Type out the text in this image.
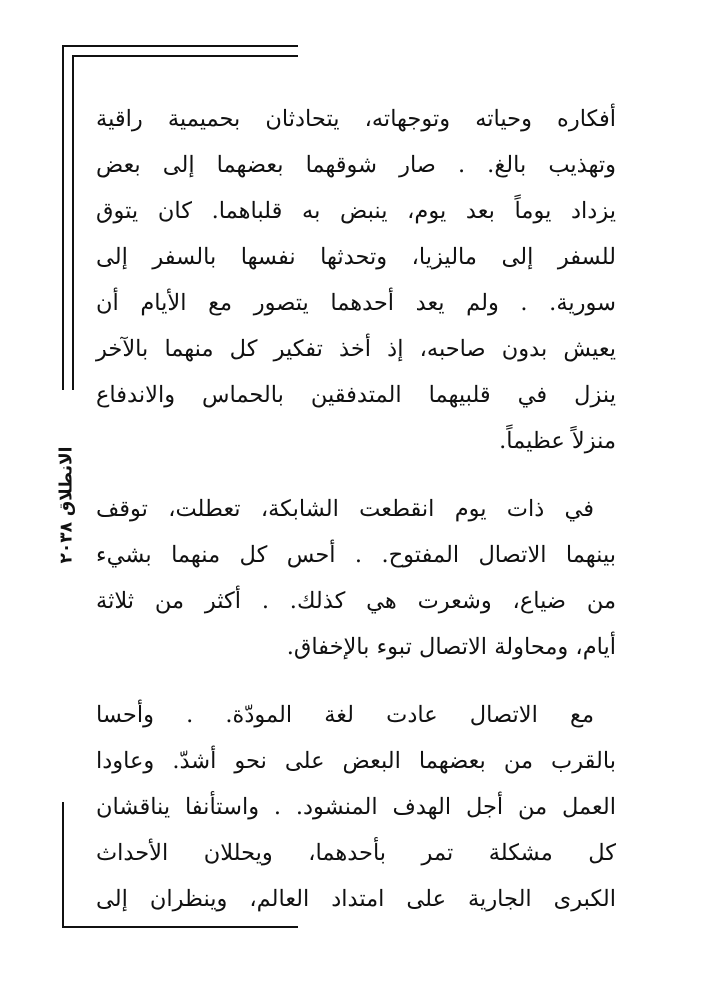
الانطلاق ٢٠٣٨
أفكاره وحياته وتوجهاته، يتحادثان بحميمية راقية
وتهذيب بالغ. . صار شوقهما بعضهما إلى بعض
يزداد يوماً بعد يوم، ينبض به قلباهما. كان يتوق
للسفر إلى ماليزيا، وتحدثها نفسها بالسفر إلى
سورية. . ولم يعد أحدهما يتصور مع الأيام أن
يعيش بدون صاحبه، إذ أخذ تفكير كل منهما بالآخر
ينزل في قلبيهما المتدفقين بالحماس والاندفاع
منزلاً عظيماً.
في ذات يوم انقطعت الشابكة، تعطلت، توقف
بينهما الاتصال المفتوح. . أحس كل منهما بشيء
من ضياع، وشعرت هي كذلك. . أكثر من ثلاثة
أيام، ومحاولة الاتصال تبوء بالإخفاق.
مع الاتصال عادت لغة المودّة. . وأحسا
بالقرب من بعضهما البعض على نحو أشدّ. وعاودا
العمل من أجل الهدف المنشود. . واستأنفا يناقشان
كل مشكلة تمر بأحدهما، ويحللان الأحداث
الكبرى الجارية على امتداد العالم، وينظران إلى
